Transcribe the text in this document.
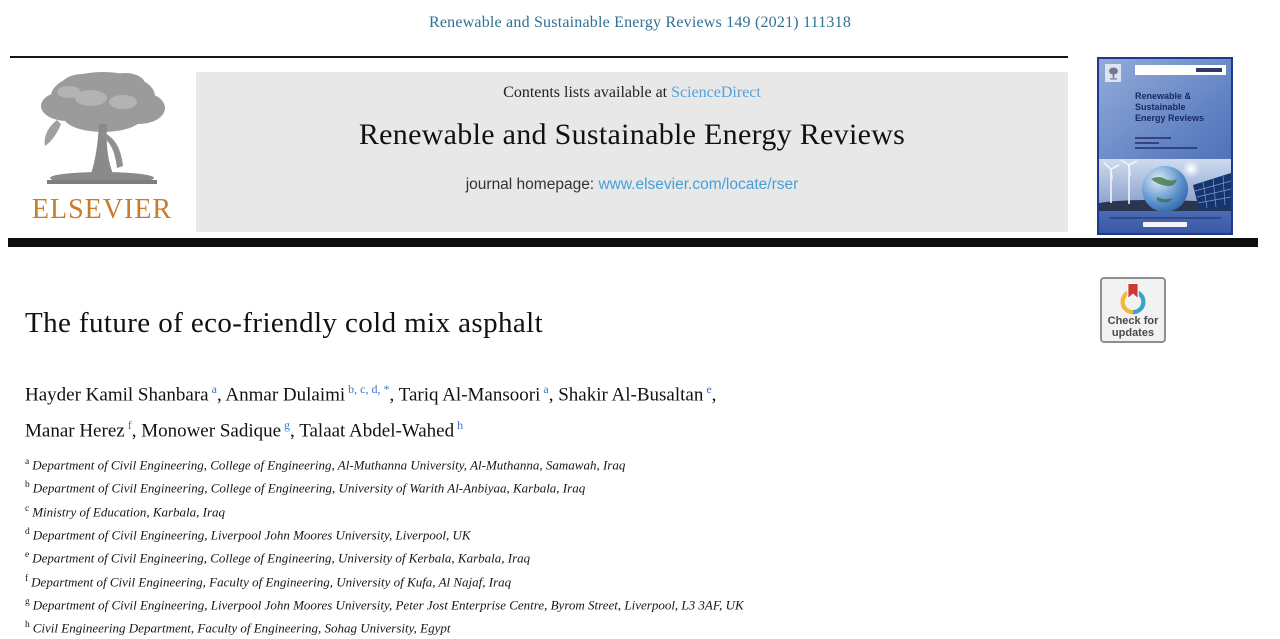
Renewable and Sustainable Energy Reviews 149 (2021) 111318
ELSEVIER
Contents lists available at ScienceDirect
Renewable and Sustainable Energy Reviews
journal homepage: www.elsevier.com/locate/rser
Renewable &
Sustainable
Energy Reviews
The future of eco-friendly cold mix asphalt	Check for
updates
Hayder Kamil Shanbara $^a$, Anmar Dulaimi $^{b, c, d, *}$, Tariq Al-Mansoori $^a$, Shakir Al-Busaltan $^e$,
Manar Herez $^f$, Monower Sadique $^g$, Talaat Abdel-Wahed $^h$
$^a$ Department of Civil Engineering, College of Engineering, Al-Muthanna University, Al-Muthanna, Samawah, Iraq
$^b$ Department of Civil Engineering, College of Engineering, University of Warith Al-Anbiyaa, Karbala, Iraq
$^c$ Ministry of Education, Karbala, Iraq
$^d$ Department of Civil Engineering, Liverpool John Moores University, Liverpool, UK
$^e$ Department of Civil Engineering, College of Engineering, University of Kerbala, Karbala, Iraq
$^f$ Department of Civil Engineering, Faculty of Engineering, University of Kufa, Al Najaf, Iraq
$^g$ Department of Civil Engineering, Liverpool John Moores University, Peter Jost Enterprise Centre, Byrom Street, Liverpool, L3 3AF, UK
$^h$ Civil Engineering Department, Faculty of Engineering, Sohag University, Egypt
